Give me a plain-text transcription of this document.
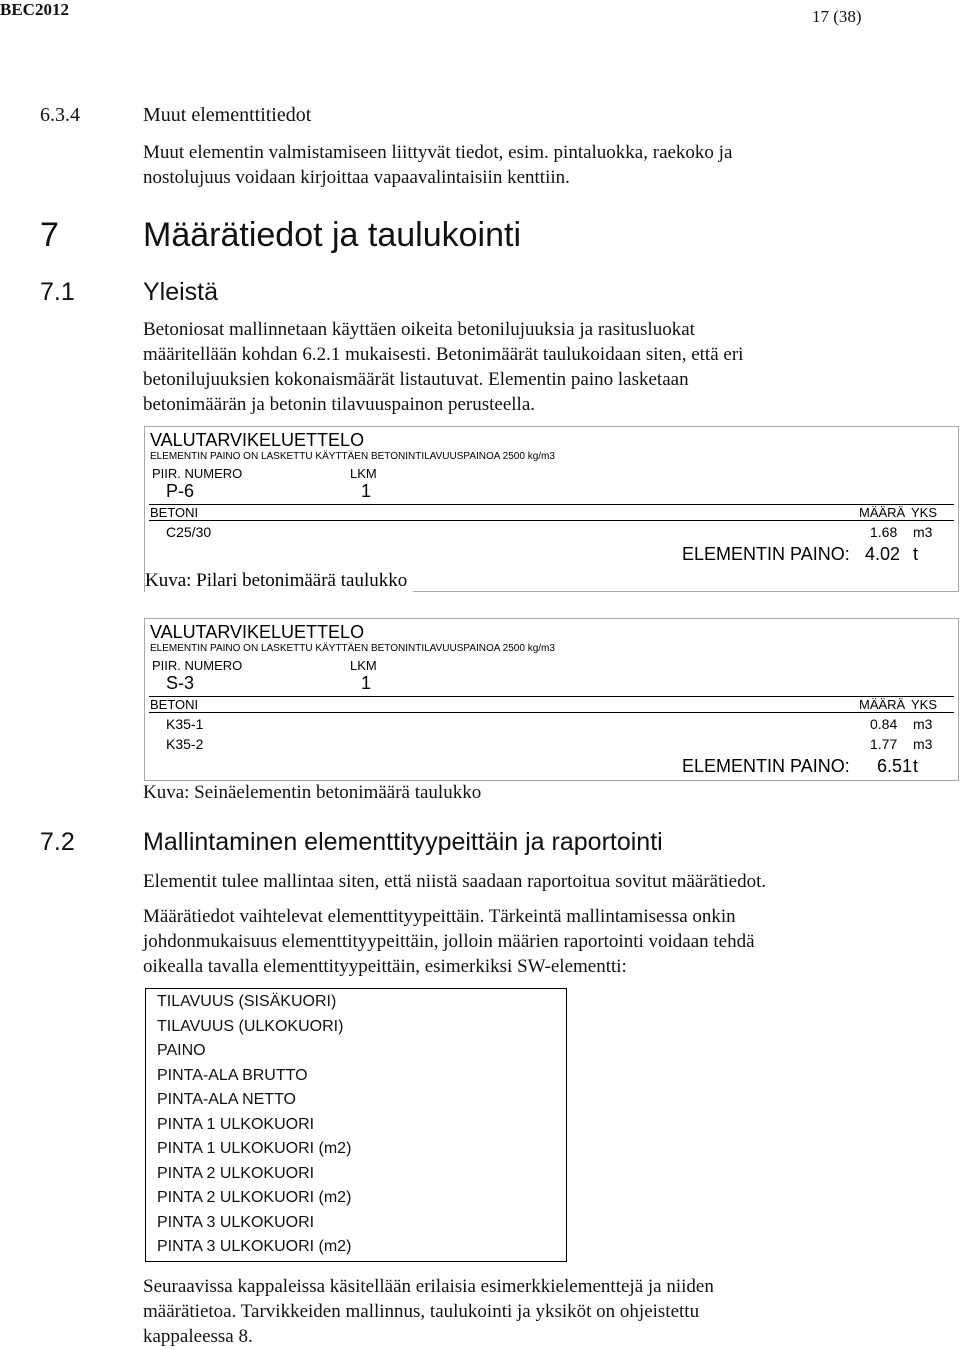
BEC2012	17 (38)
6.3.4	Muut elementtitiedot

Muut elementin valmistamiseen liittyvät tiedot, esim. pintaluokka, raekoko ja

nostolujuus voidaan kirjoittaa vapaavalintaisiin kenttiin.

7 Määrätiedot ja taulukointi
7.1	Yleistä

Betoniosat mallinnetaan käyttäen oikeita betonilujuuksia ja rasitusluokat

määritellään kohdan 6.2.1 mukaisesti. Betonimäärät taulukoidaan siten, että eri

betonilujuuksien kokonaismäärät listautuvat. Elementin paino lasketaan

betonimäärän ja betonin tilavuuspainon perusteella.

VALUTARVIKELUETTELO
ELEMENTIN PAINO ON LASKETTU KÄYTTÄEN BETONINTILAVUUSPAINOA 2500 kg/m3
PIIR. NUMERO	LKM
P-6	1
BETONI	MÄÄRÄ YKS
C25/30	1.68 m3
ELEMENTIN PAINO: 4.02 t
Kuva: Pilari betonimäärä taulukko
VALUTARVIKELUETTELO
ELEMENTIN PAINO ON LASKETTU KÄYTTÄEN BETONINTILAVUUSPAINOA 2500 kg/m3
PIIR. NUMERO	LKM
S-3	1
BETONI	MÄÄRÄ YKS
K35-1	0.84 m3
K35-2	1.77 m3
ELEMENTIN PAINO: 6.51 t
Kuva: Seinäelementin betonimäärä taulukko
7.2	Mallintaminen elementtityypeittäin ja raportointi
Elementit tulee mallintaa siten, että niistä saadaan raportoitua sovitut määrätiedot.

Määrätiedot vaihtelevat elementtityypeittäin. Tärkeintä mallintamisessa onkin

johdonmukaisuus elementtityypeittäin, jolloin määrien raportointi voidaan tehdä

oikealla tavalla elementtityypeittäin, esimerkiksi SW-elementti:

TILAVUUS (SISÄKUORI)
TILAVUUS (ULKOKUORI)
PAINO
PINTA-ALA BRUTTO
PINTA-ALA NETTO
PINTA 1 ULKOKUORI
PINTA 1 ULKOKUORI (m2)
PINTA 2 ULKOKUORI
PINTA 2 ULKOKUORI (m2)
PINTA 3 ULKOKUORI
PINTA 3 ULKOKUORI (m2)

Seuraavissa kappaleissa käsitellään erilaisia esimerkkielementtejä ja niiden

määrätietoa. Tarvikkeiden mallinnus, taulukointi ja yksiköt on ohjeistettu

kappaleessa 8.
